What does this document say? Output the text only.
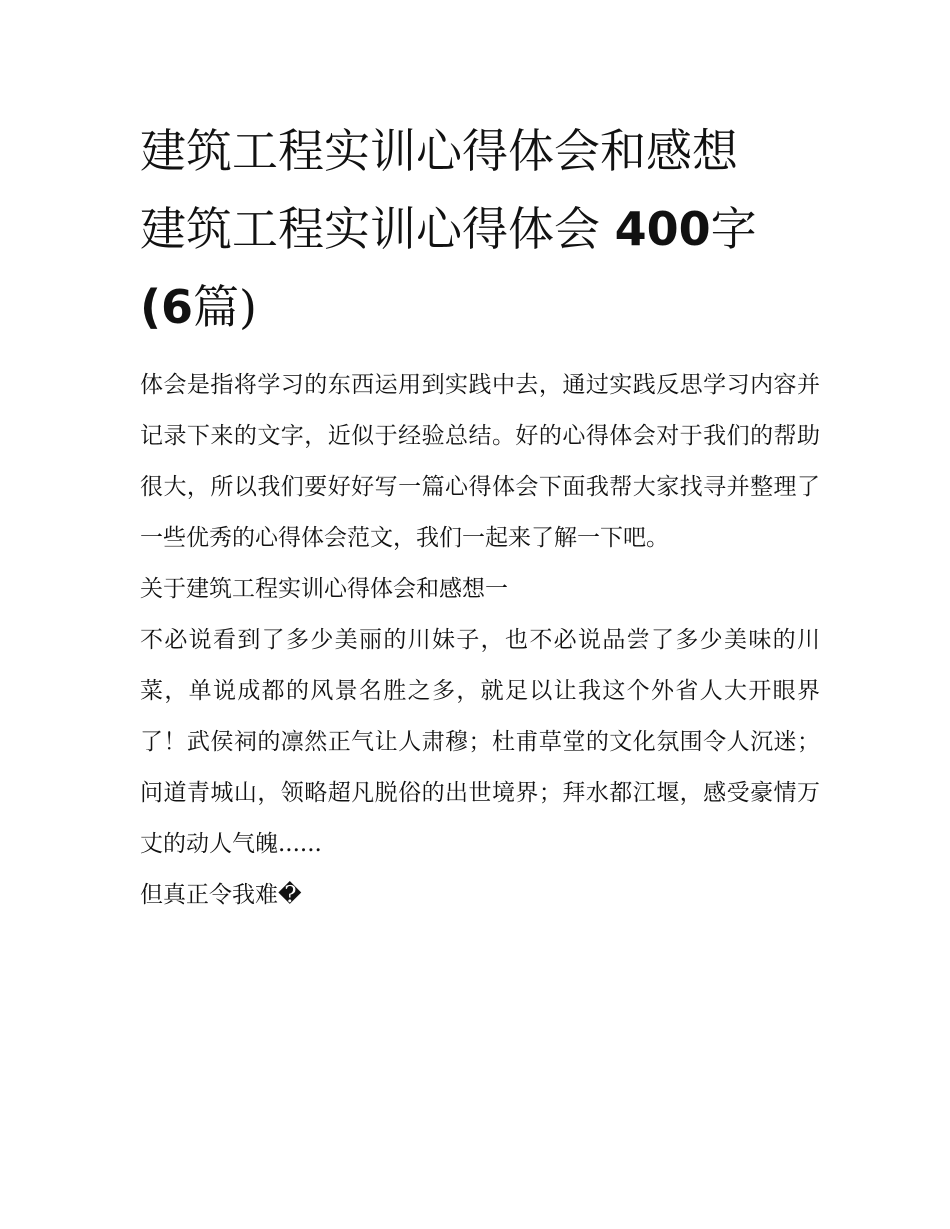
建筑工程实训心得体会和感想
建筑工程实训心得体会 400字
(6篇)

体会是指将学习的东西运用到实践中去，通过实践反思学习内容并记录下来的文字，近似于经验总结。好的心得体会对于我们的帮助很大，所以我们要好好写一篇心得体会下面我帮大家找寻并整理了一些优秀的心得体会范文，我们一起来了解一下吧。

关于建筑工程实训心得体会和感想一

不必说看到了多少美丽的川妹子，也不必说品尝了多少美味的川菜，单说成都的风景名胜之多，就足以让我这个外省人大开眼界了！武侯祠的凛然正气让人肃穆；杜甫草堂的文化氛围令人沉迷；问道青城山，领略超凡脱俗的出世境界；拜水都江堰，感受豪情万丈的动人气魄......

但真正令我难�
